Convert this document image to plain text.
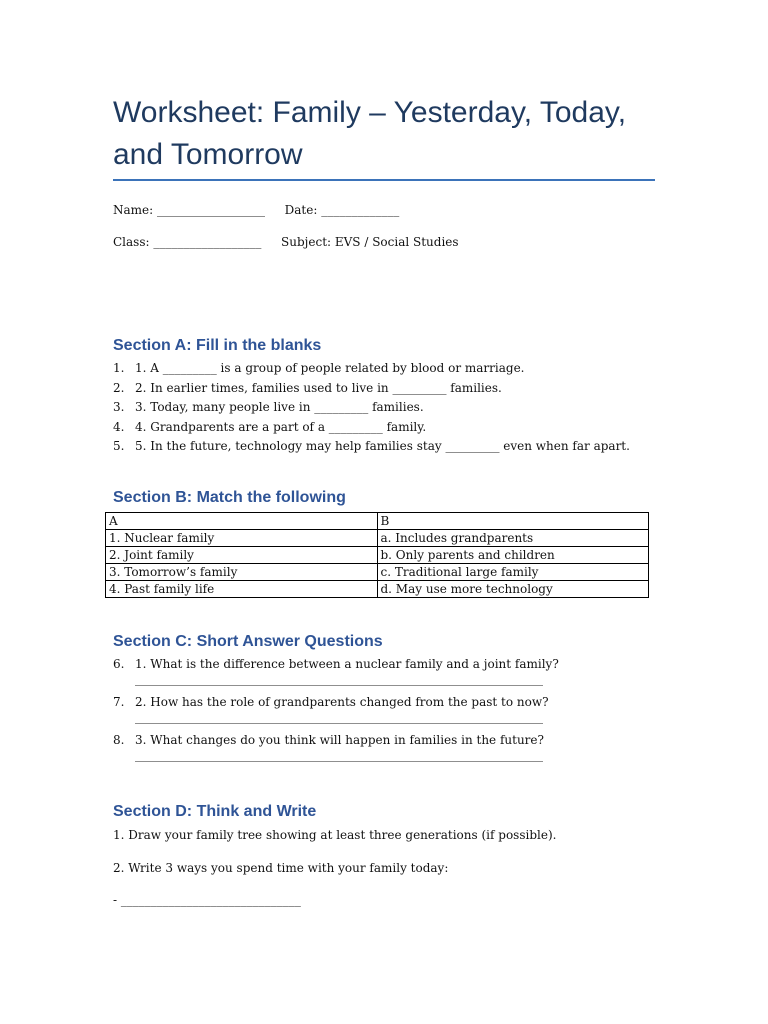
Worksheet: Family – Yesterday, Today, and Tomorrow
Name: __________________ Date: _____________
Class: __________________ Subject: EVS / Social Studies
Section A: Fill in the blanks
1. 1. A _________ is a group of people related by blood or marriage.
2. 2. In earlier times, families used to live in _________ families.
3. 3. Today, many people live in _________ families.
4. 4. Grandparents are a part of a _________ family.
5. 5. In the future, technology may help families stay _________ even when far apart.
Section B: Match the following
A	B
1. Nuclear family	a. Includes grandparents
2. Joint family	b. Only parents and children
3. Tomorrow’s family	c. Traditional large family
4. Past family life	d. May use more technology
Section C: Short Answer Questions
6. 1. What is the difference between a nuclear family and a joint family?
____________________________________________________________________
7. 2. How has the role of grandparents changed from the past to now?
____________________________________________________________________
8. 3. What changes do you think will happen in families in the future?
____________________________________________________________________
Section D: Think and Write

1. Draw your family tree showing at least three generations (if possible).

2. Write 3 ways you spend time with your family today:

- ______________________________
